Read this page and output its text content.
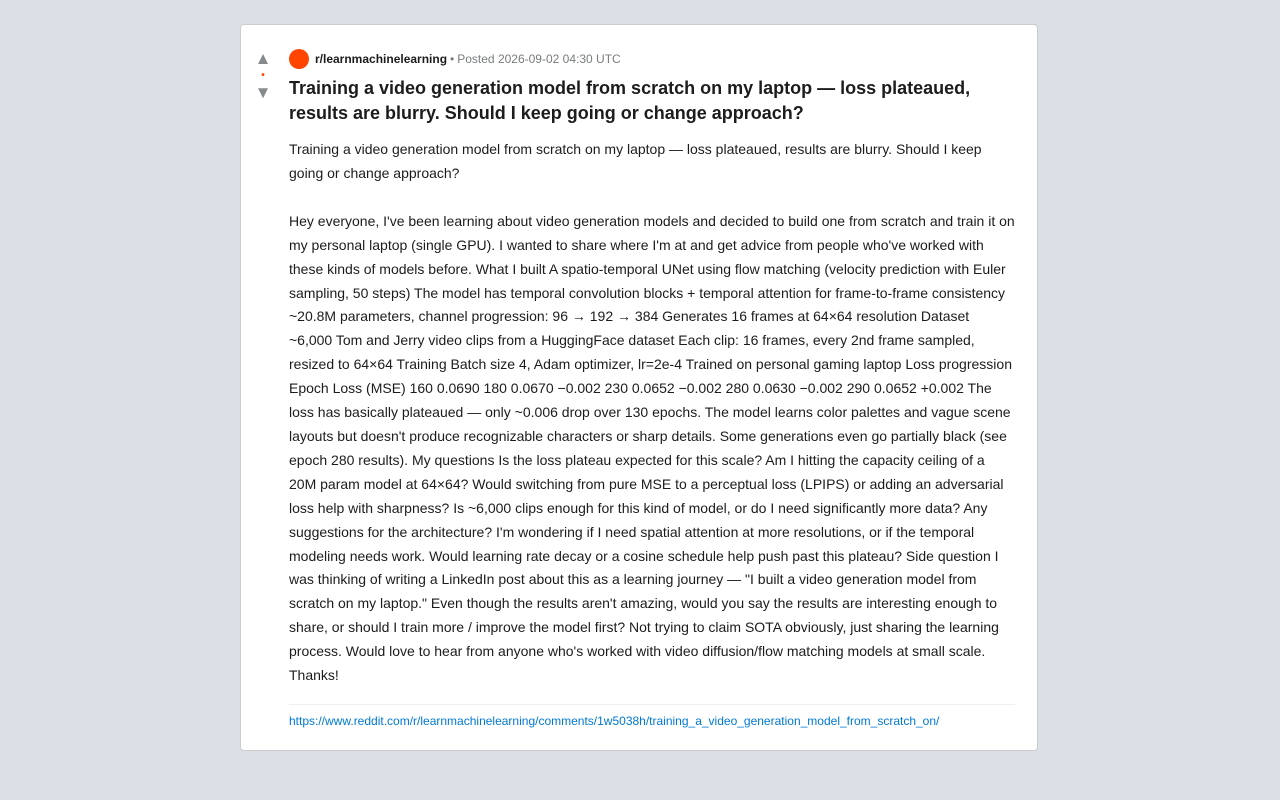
▲
•
▼
r/learnmachinelearning • Posted 2026-09-02 04:30 UTC
Training a video generation model from scratch on my laptop — loss plateaued, results are blurry. Should I keep going or change approach?

Training a video generation model from scratch on my laptop — loss plateaued, results are blurry. Should I keep going or change approach?

Hey everyone, I've been learning about video generation models and decided to build one from scratch and train it on my personal laptop (single GPU). I wanted to share where I'm at and get advice from people who've worked with these kinds of models before. What I built A spatio-temporal UNet using flow matching (velocity prediction with Euler sampling, 50 steps) The model has temporal convolution blocks + temporal attention for frame-to-frame consistency ~20.8M parameters, channel progression: 96 → 192 → 384 Generates 16 frames at 64×64 resolution Dataset ~6,000 Tom and Jerry video clips from a HuggingFace dataset Each clip: 16 frames, every 2nd frame sampled, resized to 64×64 Training Batch size 4, Adam optimizer, lr=2e-4 Trained on personal gaming laptop Loss progression Epoch Loss (MSE) 160 0.0690 180 0.0670 −0.002 230 0.0652 −0.002 280 0.0630 −0.002 290 0.0652 +0.002 The loss has basically plateaued — only ~0.006 drop over 130 epochs. The model learns color palettes and vague scene layouts but doesn't produce recognizable characters or sharp details. Some generations even go partially black (see epoch 280 results). My questions Is the loss plateau expected for this scale? Am I hitting the capacity ceiling of a 20M param model at 64×64? Would switching from pure MSE to a perceptual loss (LPIPS) or adding an adversarial loss help with sharpness? Is ~6,000 clips enough for this kind of model, or do I need significantly more data? Any suggestions for the architecture? I'm wondering if I need spatial attention at more resolutions, or if the temporal modeling needs work. Would learning rate decay or a cosine schedule help push past this plateau? Side question I was thinking of writing a LinkedIn post about this as a learning journey — "I built a video generation model from scratch on my laptop." Even though the results aren't amazing, would you say the results are interesting enough to share, or should I train more / improve the model first? Not trying to claim SOTA obviously, just sharing the learning process. Would love to hear from anyone who's worked with video diffusion/flow matching models at small scale. Thanks!

https://www.reddit.com/r/learnmachinelearning/comments/1w5038h/training_a_video_generation_model_from_scratch_on/
